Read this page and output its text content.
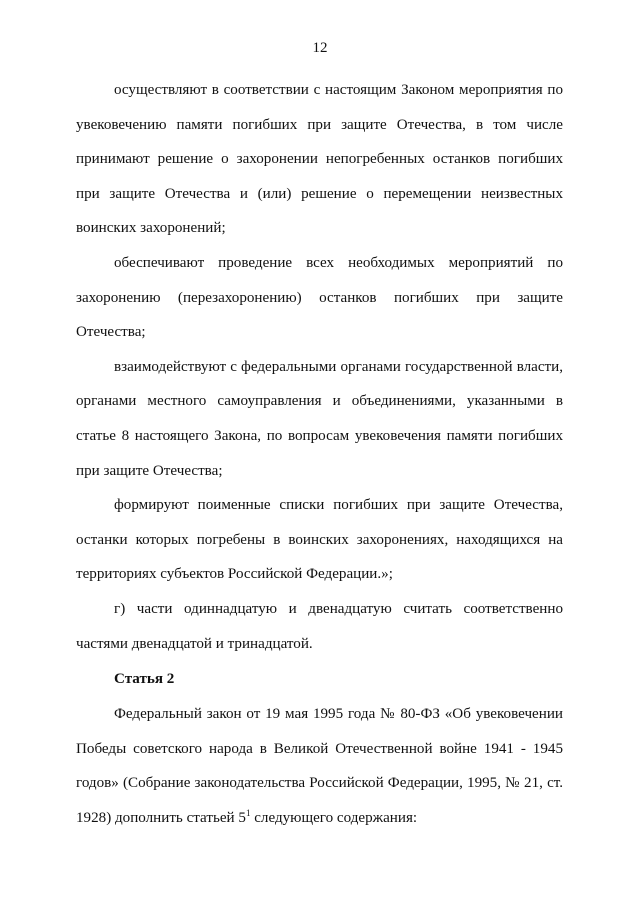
12

осуществляют в соответствии с настоящим Законом мероприятия по увековечению памяти погибших при защите Отечества, в том числе принимают решение о захоронении непогребенных останков погибших при защите Отечества и (или) решение о перемещении неизвестных воинских захоронений;

обеспечивают проведение всех необходимых мероприятий по захоронению (перезахоронению) останков погибших при защите Отечества;

взаимодействуют с федеральными органами государственной власти, органами местного самоуправления и объединениями, указанными в статье 8 настоящего Закона, по вопросам увековечения памяти погибших при защите Отечества;

формируют поименные списки погибших при защите Отечества, останки которых погребены в воинских захоронениях, находящихся на территориях субъектов Российской Федерации.»;

г) части одиннадцатую и двенадцатую считать соответственно частями двенадцатой и тринадцатой.

Статья 2

Федеральный закон от 19 мая 1995 года № 80-ФЗ «Об увековечении Победы советского народа в Великой Отечественной войне 1941 - 1945 годов» (Собрание законодательства Российской Федерации, 1995, № 21, ст. 1928) дополнить статьей $5^1$ следующего содержания:
